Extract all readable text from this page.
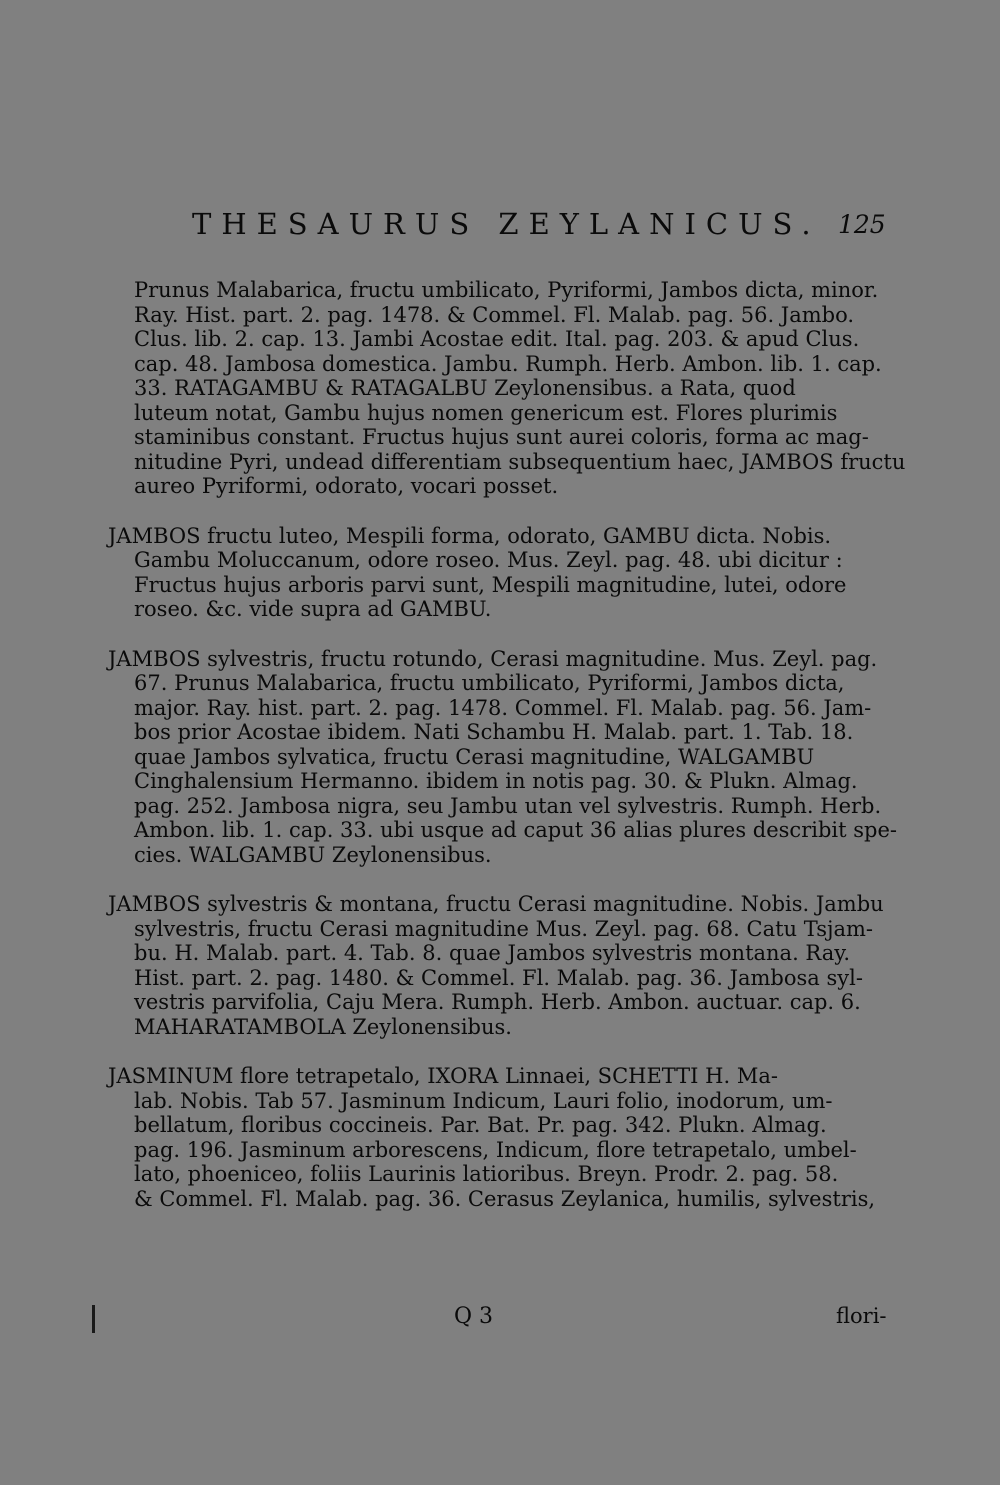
THESAURUS ZEYLANICUS. 125
Prunus Malabarica, fructu umbilicato, Pyriformi, Jambos dicta, minor.
Ray. Hist. part. 2. pag. 1478. & Commel. Fl. Malab. pag. 56. Jambo.
Clus. lib. 2. cap. 13. Jambi Acostae edit. Ital. pag. 203. & apud Clus.
cap. 48. Jambosa domestica. Jambu. Rumph. Herb. Ambon. lib. 1. cap.
33. RATAGAMBU & RATAGALBU Zeylonensibus. a Rata, quod
luteum notat, Gambu hujus nomen genericum est. Flores plurimis
staminibus constant. Fructus hujus sunt aurei coloris, forma ac mag-
nitudine Pyri, undead differentiam subsequentium haec, JAMBOS fructu
aureo Pyriformi, odorato, vocari posset.
JAMBOS fructu luteo, Mespili forma, odorato, GAMBU dicta. Nobis.
Gambu Moluccanum, odore roseo. Mus. Zeyl. pag. 48. ubi dicitur :
Fructus hujus arboris parvi sunt, Mespili magnitudine, lutei, odore
roseo. &c. vide supra ad GAMBU.
JAMBOS sylvestris, fructu rotundo, Cerasi magnitudine. Mus. Zeyl. pag.
67. Prunus Malabarica, fructu umbilicato, Pyriformi, Jambos dicta,
major. Ray. hist. part. 2. pag. 1478. Commel. Fl. Malab. pag. 56. Jam-
bos prior Acostae ibidem. Nati Schambu H. Malab. part. 1. Tab. 18.
quae Jambos sylvatica, fructu Cerasi magnitudine, WALGAMBU
Cinghalensium Hermanno. ibidem in notis pag. 30. & Plukn. Almag.
pag. 252. Jambosa nigra, seu Jambu utan vel sylvestris. Rumph. Herb.
Ambon. lib. 1. cap. 33. ubi usque ad caput 36 alias plures describit spe-
cies. WALGAMBU Zeylonensibus.
JAMBOS sylvestris & montana, fructu Cerasi magnitudine. Nobis. Jambu
sylvestris, fructu Cerasi magnitudine Mus. Zeyl. pag. 68. Catu Tsjam-
bu. H. Malab. part. 4. Tab. 8. quae Jambos sylvestris montana. Ray.
Hist. part. 2. pag. 1480. & Commel. Fl. Malab. pag. 36. Jambosa syl-
vestris parvifolia, Caju Mera. Rumph. Herb. Ambon. auctuar. cap. 6.
MAHARATAMBOLA Zeylonensibus.
JASMINUM flore tetrapetalo, IXORA Linnaei, SCHETTI H. Ma-
lab. Nobis. Tab 57. Jasminum Indicum, Lauri folio, inodorum, um-
bellatum, floribus coccineis. Par. Bat. Pr. pag. 342. Plukn. Almag.
pag. 196. Jasminum arborescens, Indicum, flore tetrapetalo, umbel-
lato, phoeniceo, foliis Laurinis latioribus. Breyn. Prodr. 2. pag. 58.
& Commel. Fl. Malab. pag. 36. Cerasus Zeylanica, humilis, sylvestris,
Q 3	flori-
